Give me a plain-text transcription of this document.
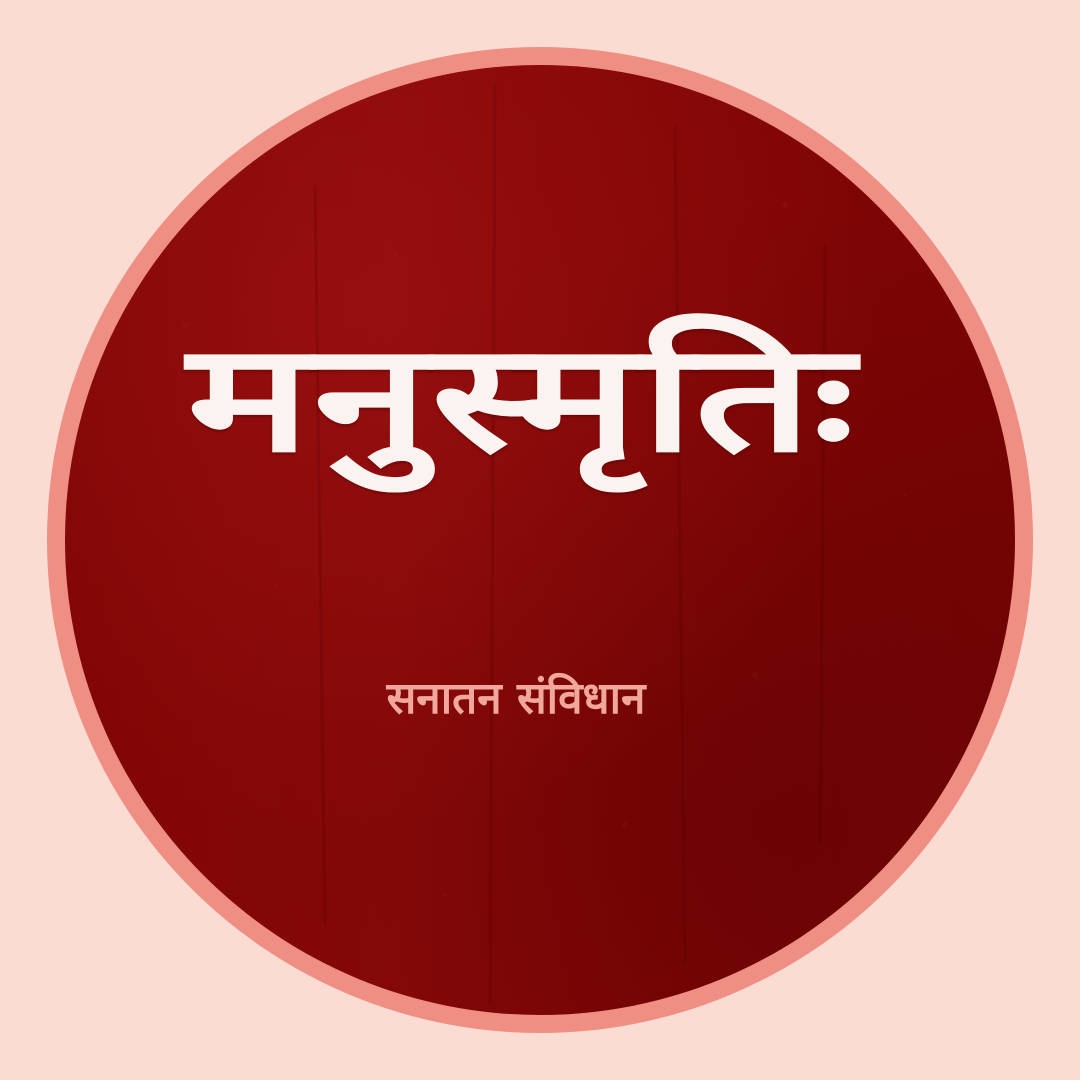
मनुस्मृतिः
सनातन संविधान
